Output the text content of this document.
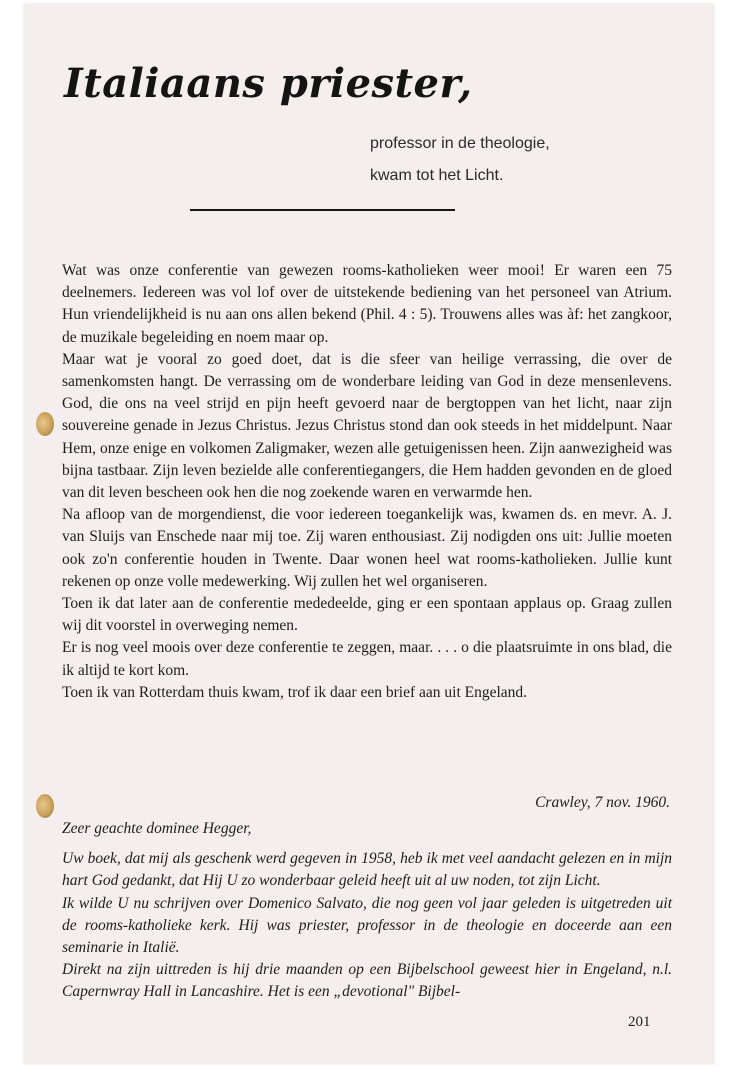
Italiaans priester,
professor in de theologie,
kwam tot het Licht.

Wat was onze conferentie van gewezen rooms-katholieken weer mooi! Er waren een 75 deelnemers. Iedereen was vol lof over de uitstekende bediening van het personeel van Atrium. Hun vriendelijkheid is nu aan ons allen bekend (Phil. 4 : 5). Trouwens alles was àf: het zangkoor, de muzikale begeleiding en noem maar op.

Maar wat je vooral zo goed doet, dat is die sfeer van heilige verrassing, die over de samenkomsten hangt. De verrassing om de wonderbare leiding van God in deze mensenlevens. God, die ons na veel strijd en pijn heeft gevoerd naar de bergtoppen van het licht, naar zijn souvereine genade in Jezus Christus. Jezus Christus stond dan ook steeds in het middelpunt. Naar Hem, onze enige en volkomen Zaligmaker, wezen alle getuigenissen heen. Zijn aanwezigheid was bijna tastbaar. Zijn leven bezielde alle conferentiegangers, die Hem hadden gevonden en de gloed van dit leven bescheen ook hen die nog zoekende waren en verwarmde hen.

Na afloop van de morgendienst, die voor iedereen toegankelijk was, kwamen ds. en mevr. A. J. van Sluijs van Enschede naar mij toe. Zij waren enthousiast. Zij nodigden ons uit: Jullie moeten ook zo'n conferentie houden in Twente. Daar wonen heel wat rooms-katholieken. Jullie kunt rekenen op onze volle medewerking. Wij zullen het wel organiseren.

Toen ik dat later aan de conferentie mededeelde, ging er een spontaan applaus op. Graag zullen wij dit voorstel in overweging nemen.

Er is nog veel moois over deze conferentie te zeggen, maar. . . . o die plaatsruimte in ons blad, die ik altijd te kort kom.

Toen ik van Rotterdam thuis kwam, trof ik daar een brief aan uit Engeland.

Crawley, 7 nov. 1960.

Zeer geachte dominee Hegger,

Uw boek, dat mij als geschenk werd gegeven in 1958, heb ik met veel aandacht gelezen en in mijn hart God gedankt, dat Hij U zo wonderbaar geleid heeft uit al uw noden, tot zijn Licht.

Ik wilde U nu schrijven over Domenico Salvato, die nog geen vol jaar geleden is uitgetreden uit de rooms-katholieke kerk. Hij was priester, professor in de theologie en doceerde aan een seminarie in Italië.

Direkt na zijn uittreden is hij drie maanden op een Bijbelschool geweest hier in Engeland, n.l. Capernwray Hall in Lancashire. Het is een „devotional" Bijbel-

201
